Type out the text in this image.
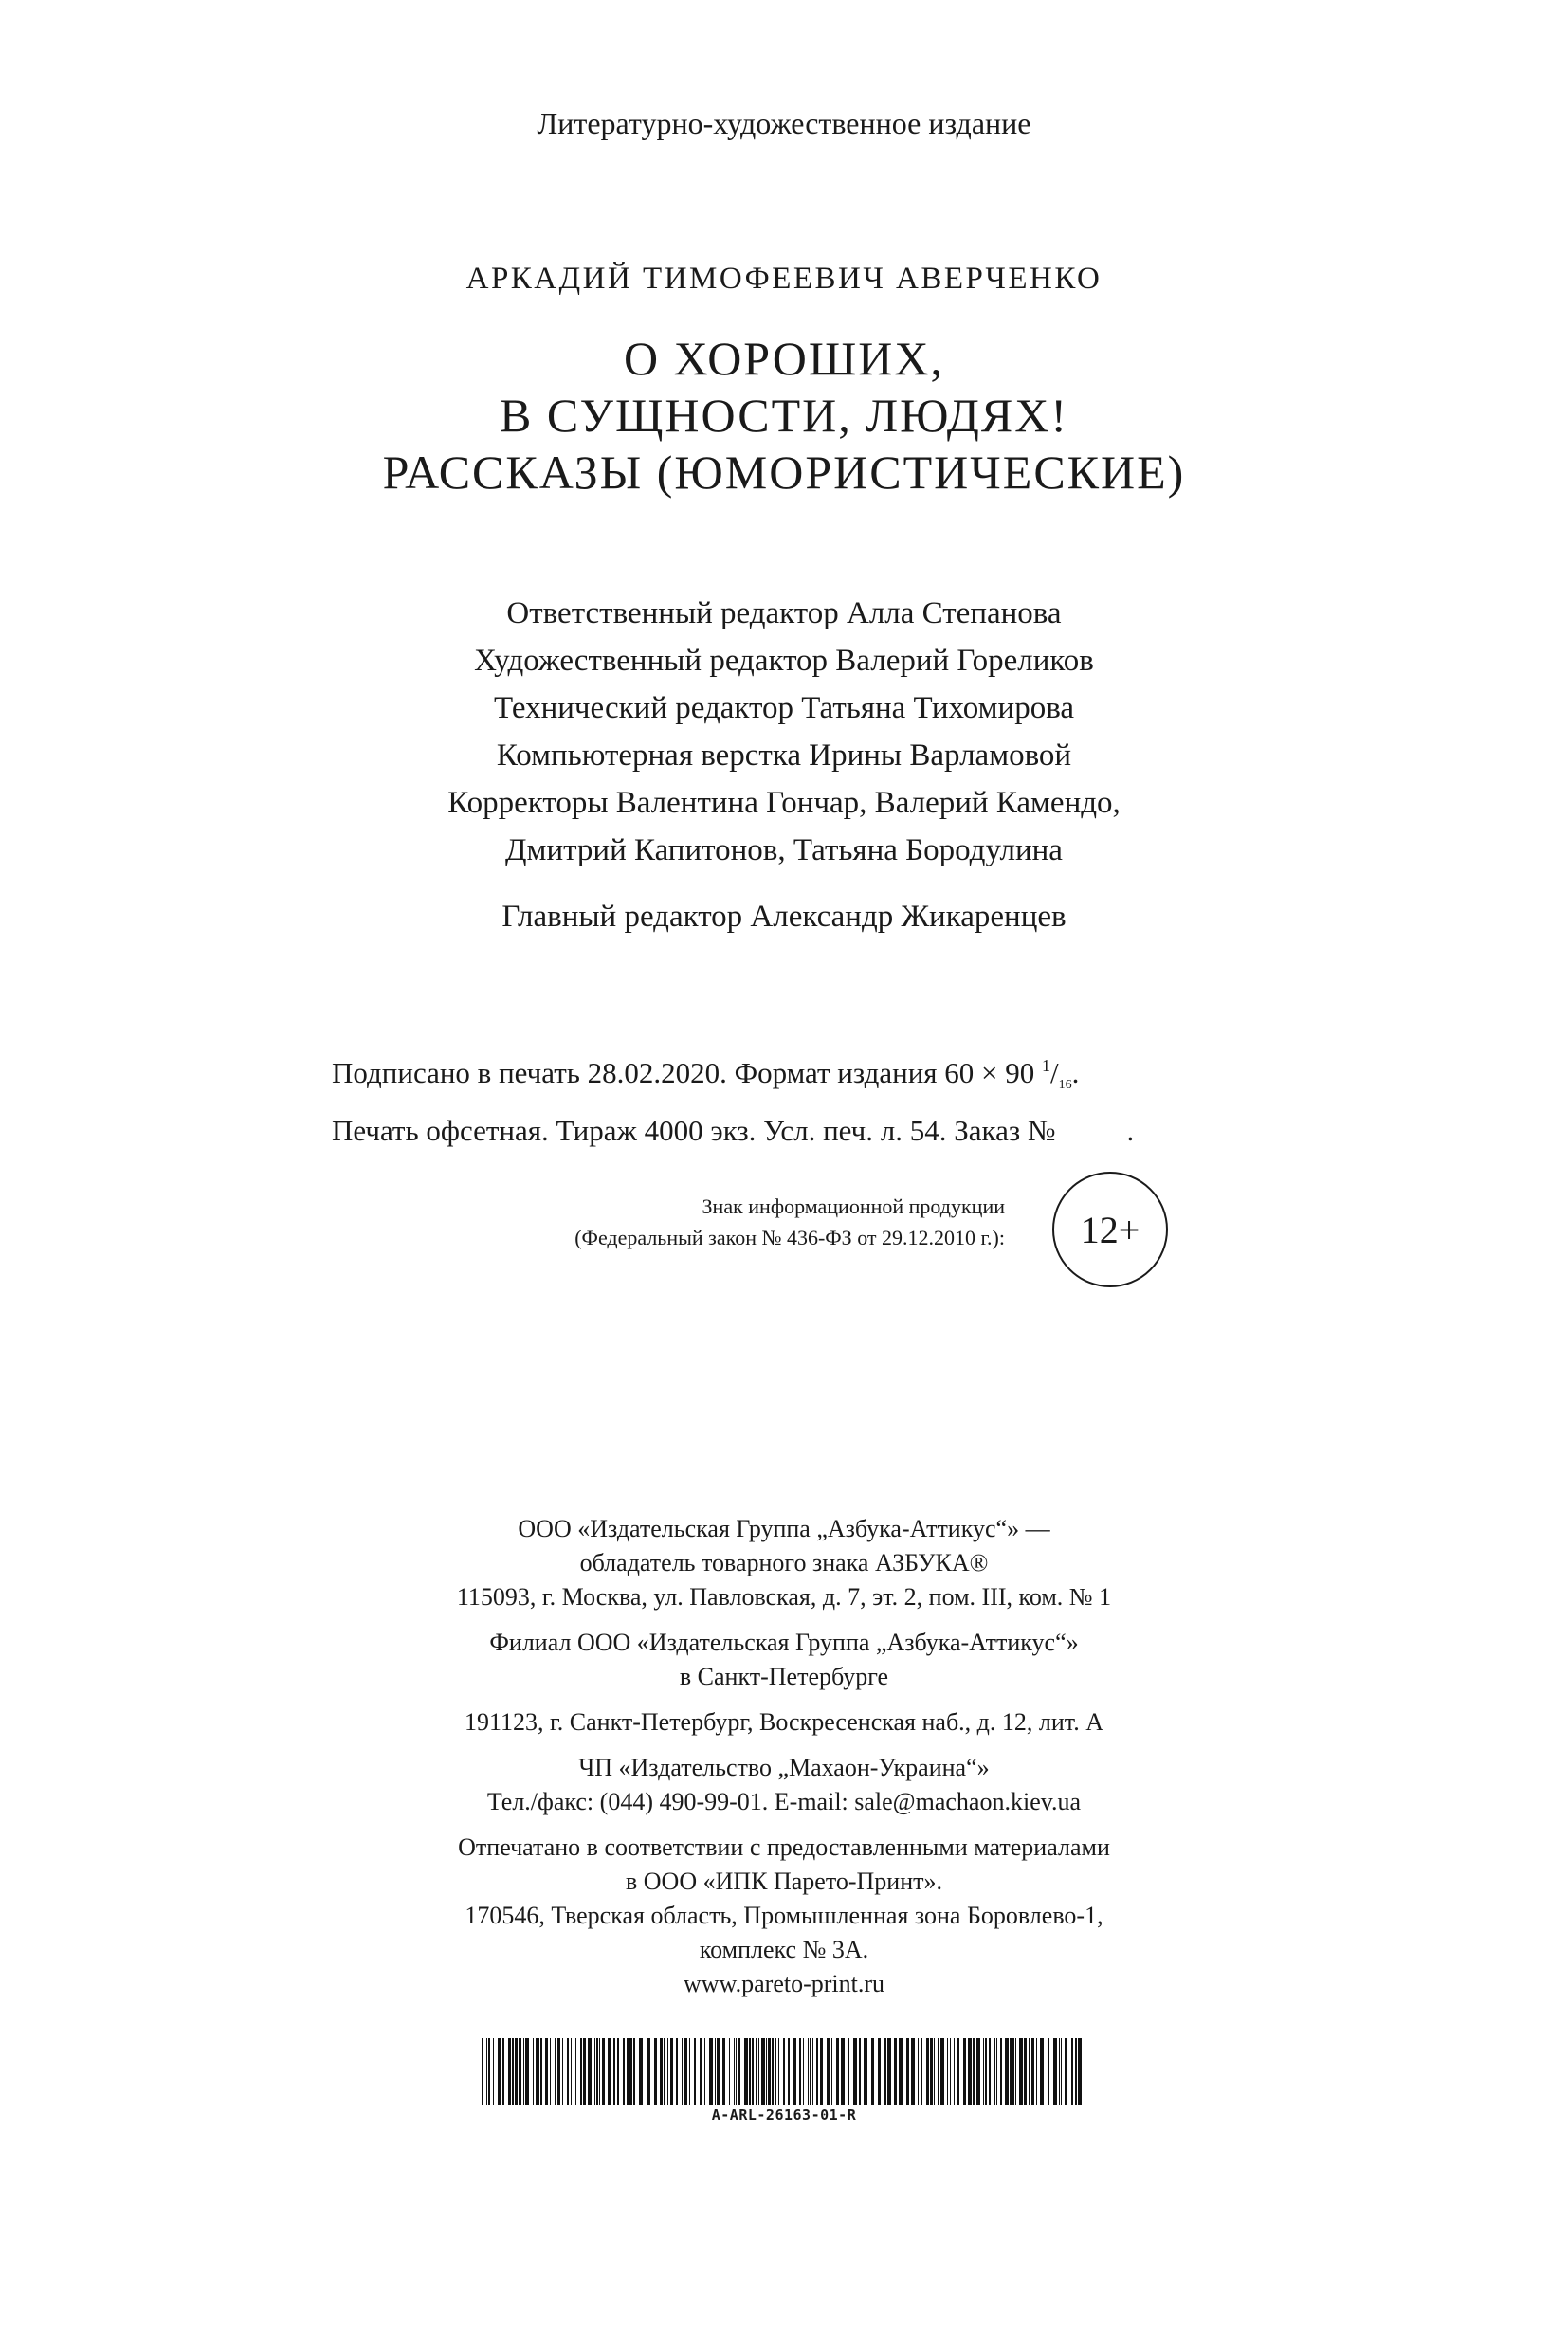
Литературно-художественное издание
АРКАДИЙ ТИМОФЕЕВИЧ АВЕРЧЕНКО
О ХОРОШИХ,
В СУЩНОСТИ, ЛЮДЯХ!
РАССКАЗЫ (ЮМОРИСТИЧЕСКИЕ)
Ответственный редактор Алла Степанова
Художественный редактор Валерий Гореликов
Технический редактор Татьяна Тихомирова
Компьютерная верстка Ирины Варламовой
Корректоры Валентина Гончар, Валерий Камендо,
Дмитрий Капитонов, Татьяна Бородулина
Главный редактор Александр Жикаренцев
Подписано в печать 28.02.2020. Формат издания 60 × 90 $^1/_{16}$.
Печать офсетная. Тираж 4000 экз. Усл. печ. л. 54. Заказ № .
Знак информационной продукции
(Федеральный закон № 436-ФЗ от 29.12.2010 г.): 12+
ООО «Издательская Группа „Азбука-Аттикус“» —
обладатель товарного знака АЗБУКА®
115093, г. Москва, ул. Павловская, д. 7, эт. 2, пом. III, ком. № 1
Филиал ООО «Издательская Группа „Азбука-Аттикус“»
в Санкт-Петербурге
191123, г. Санкт-Петербург, Воскресенская наб., д. 12, лит. А
ЧП «Издательство „Махаон-Украина“»
Тел./факс: (044) 490-99-01. E-mail: sale@machaon.kiev.ua
Отпечатано в соответствии с предоставленными материалами
в ООО «ИПК Парето-Принт».
170546, Тверская область, Промышленная зона Боровлево-1,
комплекс № 3А.
www.pareto-print.ru
A-ARL-26163-01-R
